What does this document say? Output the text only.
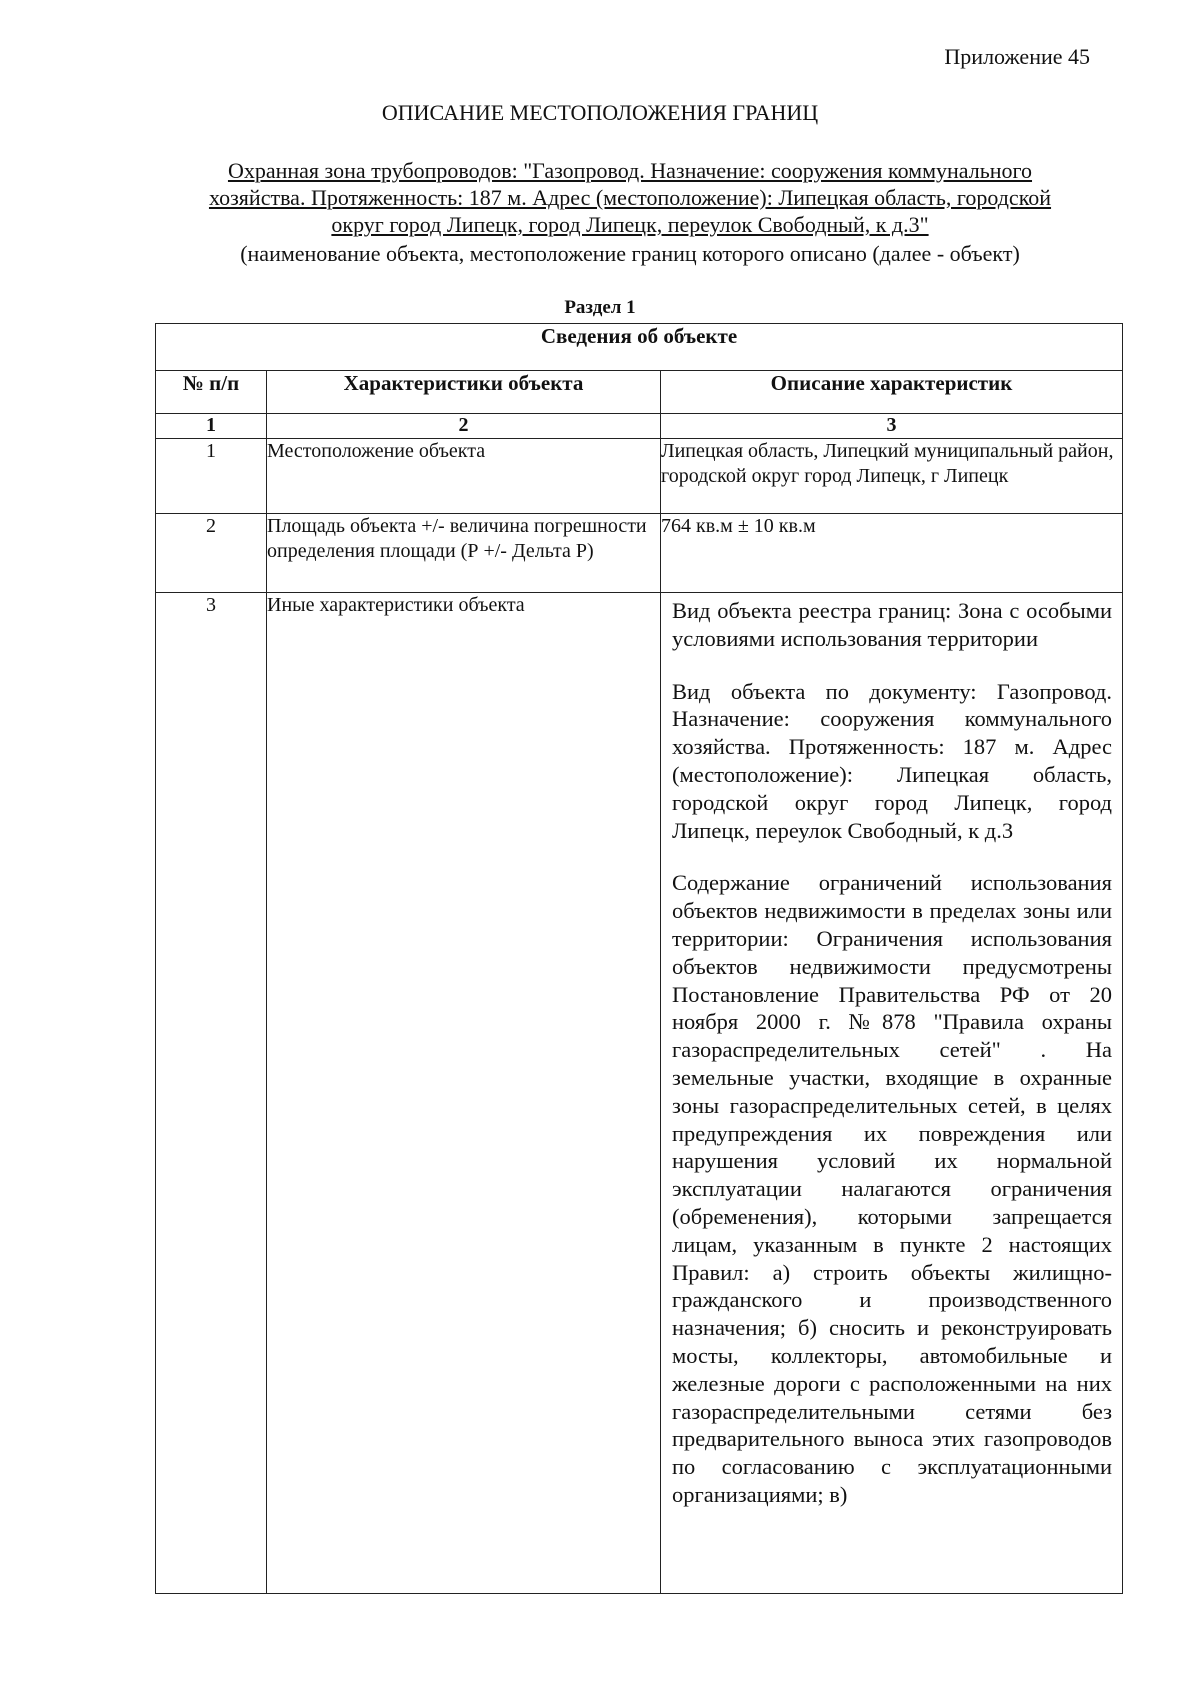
Приложение 45
ОПИСАНИЕ МЕСТОПОЛОЖЕНИЯ ГРАНИЦ
Охранная зона трубопроводов: "Газопровод. Назначение: сооружения коммунального
хозяйства. Протяженность: 187 м. Адрес (местоположение): Липецкая область, городской
округ город Липецк, город Липецк, переулок Свободный, к д.3"
(наименование объекта, местоположение границ которого описано (далее - объект)
Раздел 1
Сведения об объекте		
№ п/п	Характеристики объекта	Описание характеристик
1	2	3
1	Местоположение объекта	Липецкая область, Липецкий муниципальный район, городской округ город Липецк, г Липецк
2	Площадь объекта +/- величина погрешности определения площади (Р +/- Дельта Р)	764 кв.м ± 10 кв.м
3	Иные характеристики объекта	Вид объекта реестра границ: Зона с особыми условиями использования территории

Вид объекта по документу: Газопровод. Назначение: сооружения коммунального хозяйства. Протяженность: 187 м. Адрес (местоположение): Липецкая область, городской округ город Липецк, город Липецк, переулок Свободный, к д.3

Содержание ограничений использования объектов недвижимости в пределах зоны или территории: Ограничения использования объектов недвижимости предусмотрены Постановление Правительства РФ от 20 ноября 2000 г. №878 "Правила охраны газораспределительных сетей" . На земельные участки, входящие в охранные зоны газораспределительных сетей, в целях предупреждения их повреждения или нарушения условий их нормальной эксплуатации налагаются ограничения (обременения), которыми запрещается лицам, указанным в пункте 2 настоящих Правил: а) строить объекты жилищно-гражданского и производственного назначения; б) сносить и реконструировать мосты, коллекторы, автомобильные и железные дороги с расположенными на них газораспределительными сетями без предварительного выноса этих газопроводов по согласованию с эксплуатационными организациями; в)
